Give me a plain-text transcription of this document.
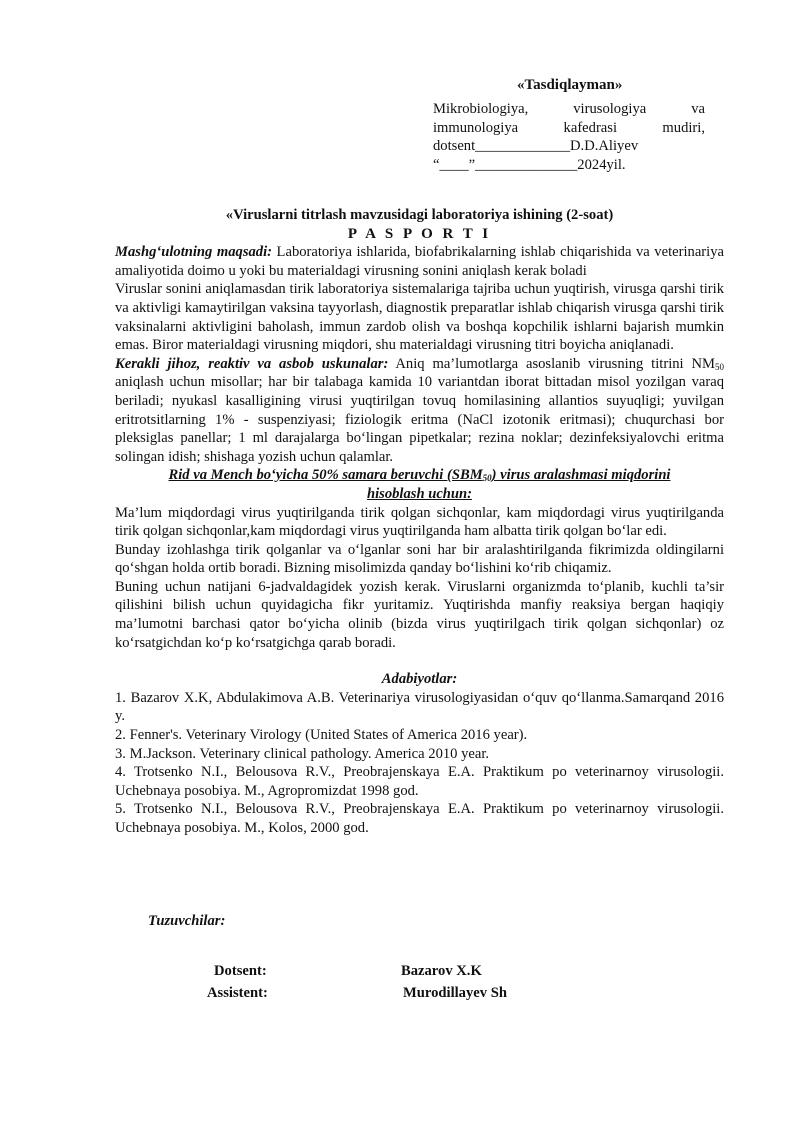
«Tasdiqlayman»
Mikrobiologiya, virusologiya va
immunologiya kafedrasi mudiri,
dotsent_____________D.D.Aliyev
“____”______________2024yil.
«Viruslarni titrlash mavzusidagi laboratoriya ishining (2-soat)
P A S P O R T I

Mashg‘ulotning maqsadi: Laboratoriya ishlarida, biofabrikalarning ishlab chiqarishida va veterinariya amaliyotida doimo u yoki bu materialdagi virusning sonini aniqlash kerak boladi

Viruslar sonini aniqlamasdan tirik laboratoriya sistemalariga tajriba uchun yuqtirish, virusga qarshi tirik va aktivligi kamaytirilgan vaksina tayyorlash, diagnostik preparatlar ishlab chiqarish virusga qarshi tirik vaksinalarni aktivligini baholash, immun zardob olish va boshqa kopchilik ishlarni bajarish mumkin emas. Biror materialdagi virusning miqdori, shu materialdagi virusning titri boyicha aniqlanadi.

Kerakli jihoz, reaktiv va asbob uskunalar: Aniq ma’lumotlarga asoslanib virusning titrini $NM_{50}$ aniqlash uchun misollar; har bir talabaga kamida 10 variantdan iborat bittadan misol yozilgan varaq beriladi; nyukasl kasalligining virusi yuqtirilgan tovuq homilasining allantios suyuqligi; yuvilgan eritrotsitlarning 1% - suspenziyasi; fiziologik eritma (NaCl izotonik eritmasi); chuqurchasi bor pleksiglas panellar; 1 ml darajalarga bo‘lingan pipetkalar; rezina noklar; dezinfeksiyalovchi eritma solingan idish; shishaga yozish uchun qalamlar.

Rid va Mench bo‘yicha 50% samara beruvchi $(SBM_{50})$ virus aralashmasi miqdorini
hisoblash uchun:

Ma’lum miqdordagi virus yuqtirilganda tirik qolgan sichqonlar, kam miqdordagi virus yuqtirilganda tirik qolgan sichqonlar,kam miqdordagi virus yuqtirilganda ham albatta tirik qolgan bo‘lar edi.

Bunday izohlashga tirik qolganlar va o‘lganlar soni har bir aralashtirilganda fikrimizda oldingilarni qo‘shgan holda ortib boradi. Bizning misolimizda qanday bo‘lishini ko‘rib chiqamiz.

Buning uchun natijani 6-jadvaldagidek yozish kerak. Viruslarni organizmda to‘planib, kuchli ta’sir qilishini bilish uchun quyidagicha fikr yuritamiz. Yuqtirishda manfiy reaksiya bergan haqiqiy ma’lumotni barchasi qator bo‘yicha olinib (bizda virus yuqtirilgach tirik qolgan sichqonlar) oz ko‘rsatgichdan ko‘p ko‘rsatgichga qarab boradi.

Adabiyotlar:

1. Bazarov X.K, Abdulakimova A.B. Veterinariya virusologiyasidan o‘quv qo‘llanma.Samarqand 2016 y.

2. Fenner's. Veterinary Virology (United States of America 2016 year).

3. M.Jackson. Veterinary clinical pathology. America 2010 year.

4. Trotsenko N.I., Belousova R.V., Preobrajenskaya E.A. Praktikum po veterinarnoy virusologii. Uchebnaya posobiya. M., Agropromizdat 1998 god.

5. Trotsenko N.I., Belousova R.V., Preobrajenskaya E.A. Praktikum po veterinarnoy virusologii. Uchebnaya posobiya. M., Kolos, 2000 god.

Tuzuvchilar:
Dotsent:	Bazarov X.K
Assistent:	Murodillayev Sh
